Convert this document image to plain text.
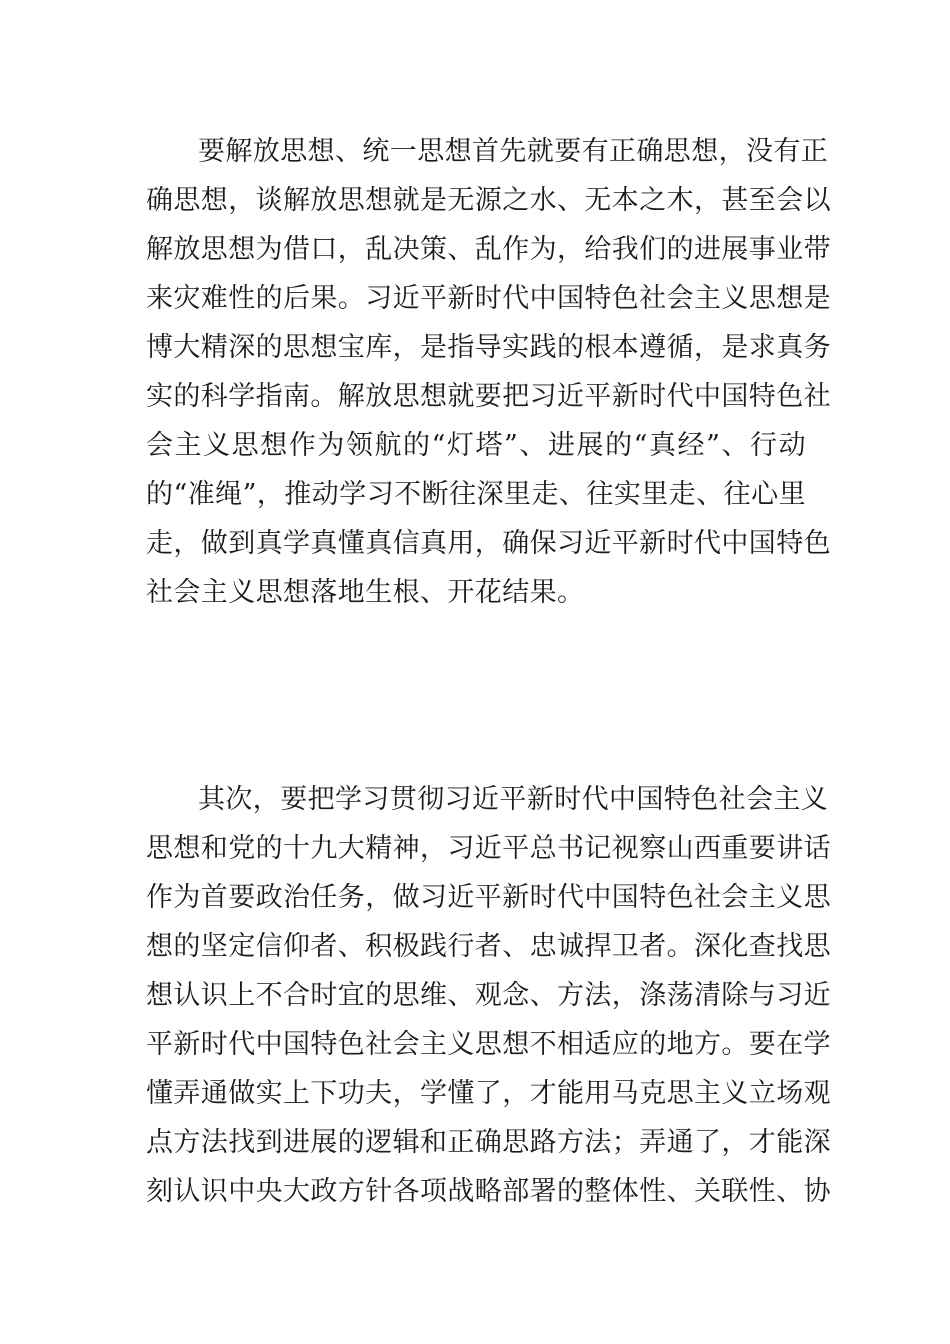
要解放思想、统一思想首先就要有正确思想，没有正
确思想，谈解放思想就是无源之水、无本之木，甚至会以
解放思想为借口，乱决策、乱作为，给我们的进展事业带
来灾难性的后果。习近平新时代中国特色社会主义思想是
博大精深的思想宝库，是指导实践的根本遵循，是求真务
实的科学指南。解放思想就要把习近平新时代中国特色社
会主义思想作为领航的“灯塔”、进展的“真经”、行动
的“准绳”，推动学习不断往深里走、往实里走、往心里
走，做到真学真懂真信真用，确保习近平新时代中国特色
社会主义思想落地生根、开花结果。

其次，要把学习贯彻习近平新时代中国特色社会主义
思想和党的十九大精神，习近平总书记视察山西重要讲话
作为首要政治任务，做习近平新时代中国特色社会主义思
想的坚定信仰者、积极践行者、忠诚捍卫者。深化查找思
想认识上不合时宜的思维、观念、方法，涤荡清除与习近
平新时代中国特色社会主义思想不相适应的地方。要在学
懂弄通做实上下功夫，学懂了，才能用马克思主义立场观
点方法找到进展的逻辑和正确思路方法；弄通了，才能深
刻认识中央大政方针各项战略部署的整体性、关联性、协
